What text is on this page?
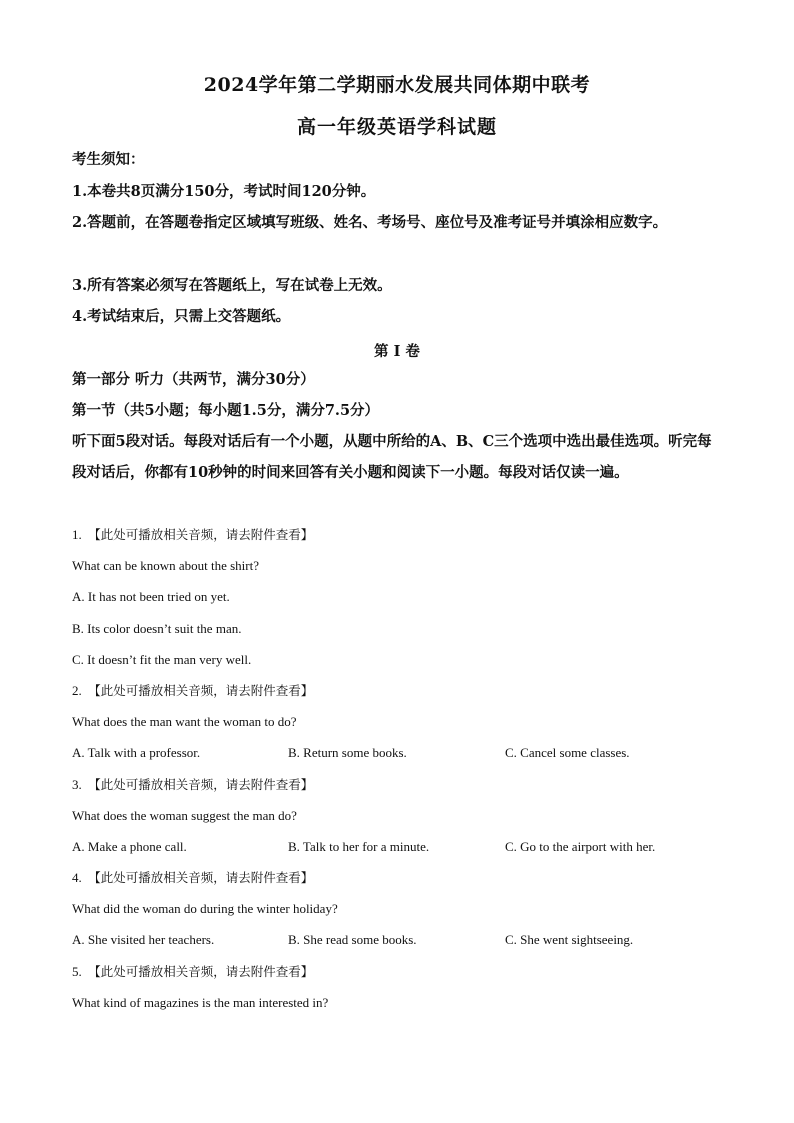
2024学年第二学期丽水发展共同体期中联考
高一年级英语学科试题
考生须知：
1.本卷共8页满分150分，考试时间120分钟。
2.答题前，在答题卷指定区域填写班级、姓名、考场号、座位号及准考证号并填涂相应数字。
3.所有答案必须写在答题纸上，写在试卷上无效。
4.考试结束后，只需上交答题纸。
第 I 卷
第一部分 听力（共两节，满分30分）
第一节（共5小题；每小题1.5分，满分7.5分）
听下面5段对话。每段对话后有一个小题，从题中所给的A、B、C三个选项中选出最佳选项。听完每段对话后，你都有10秒钟的时间来回答有关小题和阅读下一小题。每段对话仅读一遍。
1. 【此处可播放相关音频，请去附件查看】
What can be known about the shirt?
A. It has not been tried on yet.
B. Its color doesn’t suit the man.
C. It doesn’t fit the man very well.
2. 【此处可播放相关音频，请去附件查看】
What does the man want the woman to do?
A. Talk with a professor.	B. Return some books.	C. Cancel some classes.
3. 【此处可播放相关音频，请去附件查看】
What does the woman suggest the man do?
A. Make a phone call.	B. Talk to her for a minute.	C. Go to the airport with her.
4. 【此处可播放相关音频，请去附件查看】
What did the woman do during the winter holiday?
A. She visited her teachers.	B. She read some books.	C. She went sightseeing.
5. 【此处可播放相关音频，请去附件查看】
What kind of magazines is the man interested in?
